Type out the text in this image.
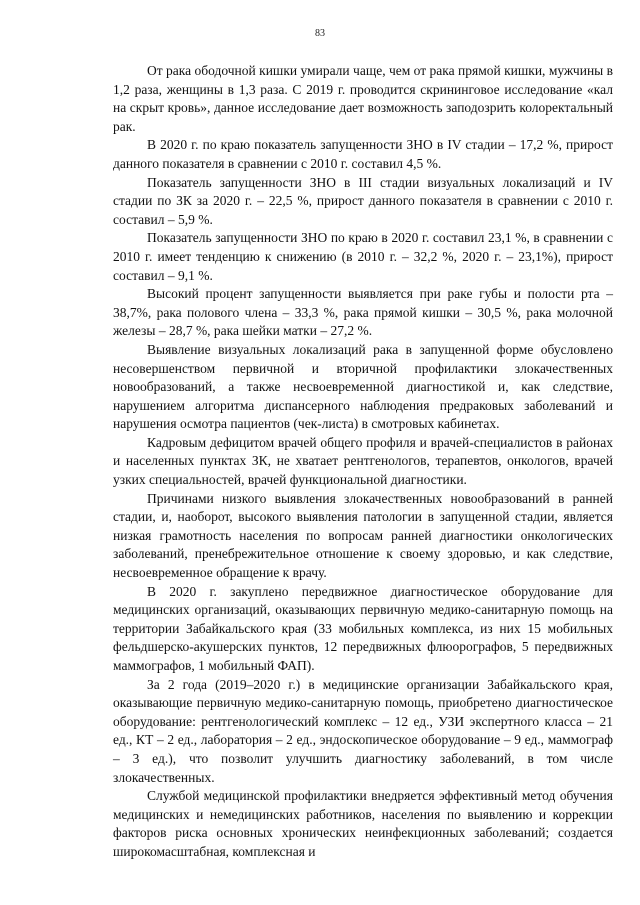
83

От рака ободочной кишки умирали чаще, чем от рака прямой кишки, мужчины в 1,2 раза, женщины в 1,3 раза. С 2019 г. проводится скрининговое исследование «кал на скрыт кровь», данное исследование дает возможность заподозрить колоректальный рак.

В 2020 г. по краю показатель запущенности ЗНО в IV стадии – 17,2 %, прирост данного показателя в сравнении с 2010 г. составил 4,5 %.

Показатель запущенности ЗНО в III стадии визуальных локализаций и IV стадии по ЗК за 2020 г. – 22,5 %, прирост данного показателя в сравнении с 2010 г. составил – 5,9 %.

Показатель запущенности ЗНО по краю в 2020 г. составил 23,1 %, в сравнении с 2010 г. имеет тенденцию к снижению (в 2010 г. – 32,2 %, 2020 г. – 23,1%), прирост составил – 9,1 %.

Высокий процент запущенности выявляется при раке губы и полости рта – 38,7%, рака полового члена – 33,3 %, рака прямой кишки – 30,5 %, рака молочной железы – 28,7 %, рака шейки матки – 27,2 %.

Выявление визуальных локализаций рака в запущенной форме обусловлено несовершенством первичной и вторичной профилактики злокачественных новообразований, а также несвоевременной диагностикой и, как следствие, нарушением алгоритма диспансерного наблюдения предраковых заболеваний и нарушения осмотра пациентов (чек-листа) в смотровых кабинетах.

Кадровым дефицитом врачей общего профиля и врачей-специалистов в районах и населенных пунктах ЗК, не хватает рентгенологов, терапевтов, онкологов, врачей узких специальностей, врачей функциональной диагностики.

Причинами низкого выявления злокачественных новообразований в ранней стадии, и, наоборот, высокого выявления патологии в запущенной стадии, является низкая грамотность населения по вопросам ранней диагностики онкологических заболеваний, пренебрежительное отношение к своему здоровью, и как следствие, несвоевременное обращение к врачу.

В 2020 г. закуплено передвижное диагностическое оборудование для медицинских организаций, оказывающих первичную медико-санитарную помощь на территории Забайкальского края (33 мобильных комплекса, из них 15 мобильных фельдшерско-акушерских пунктов, 12 передвижных флюорографов, 5 передвижных маммографов, 1 мобильный ФАП).

За 2 года (2019–2020 г.) в медицинские организации Забайкальского края, оказывающие первичную медико-санитарную помощь, приобретено диагностическое оборудование: рентгенологический комплекс – 12 ед., УЗИ экспертного класса – 21 ед., КТ – 2 ед., лаборатория – 2 ед., эндоскопическое оборудование – 9 ед., маммограф – 3 ед.), что позволит улучшить диагностику заболеваний, в том числе злокачественных.

Службой медицинской профилактики внедряется эффективный метод обучения медицинских и немедицинских работников, населения по выявлению и коррекции факторов риска основных хронических неинфекционных заболеваний; создается широкомасштабная, комплексная и
